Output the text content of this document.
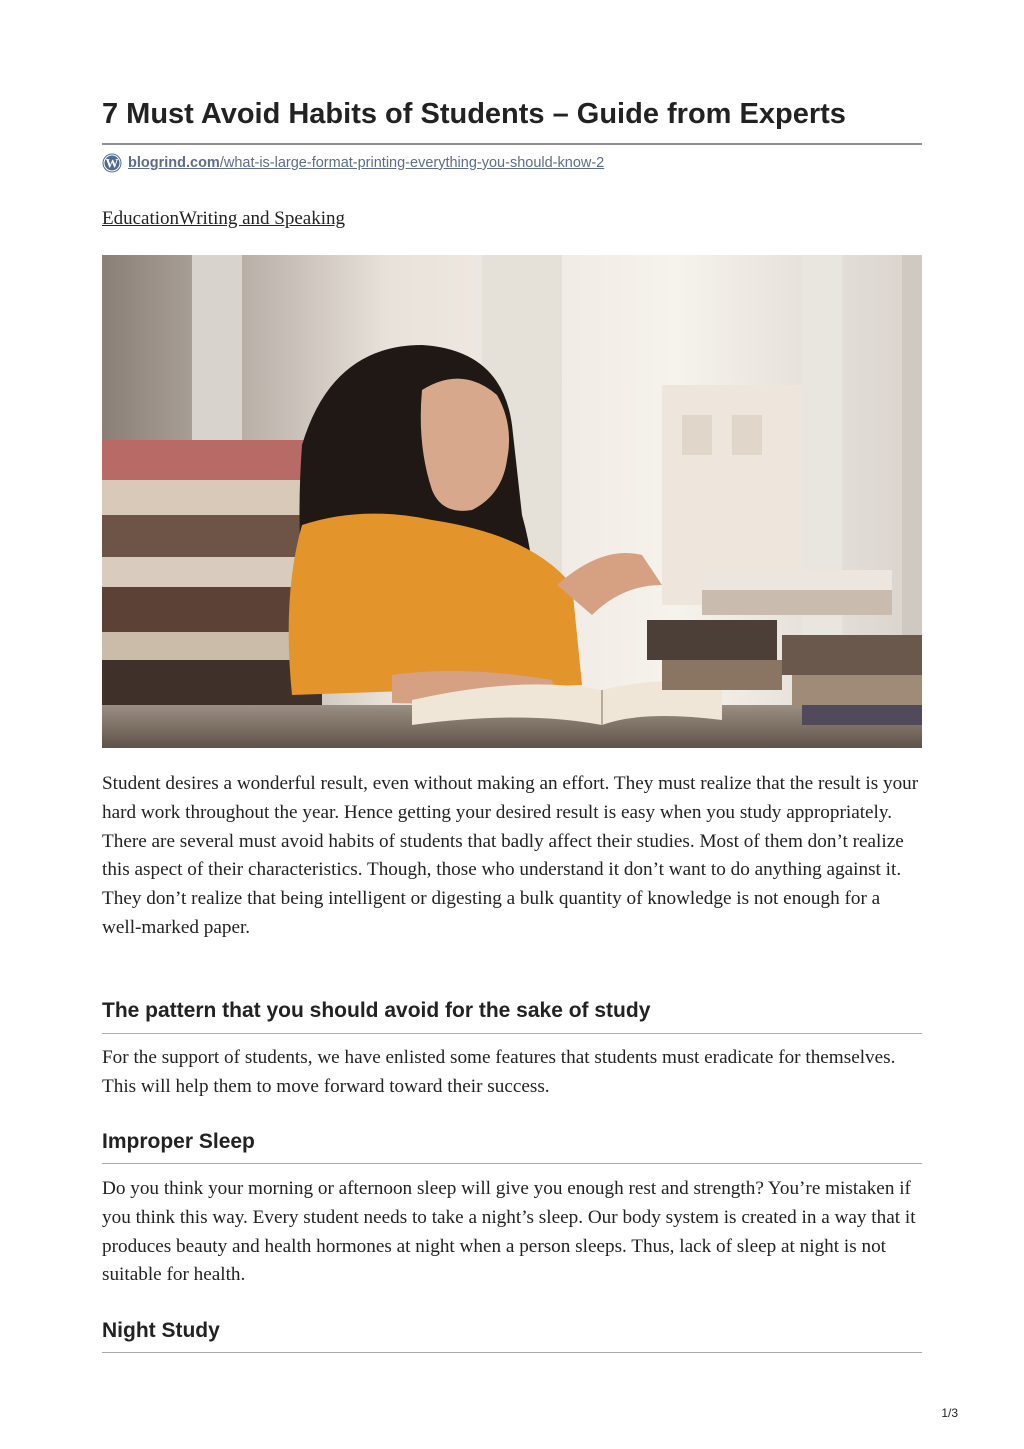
7 Must Avoid Habits of Students – Guide from Experts
W blogrind.com/what-is-large-format-printing-everything-you-should-know-2
EducationWriting and Speaking

Student desires a wonderful result, even without making an effort. They must realize that the result is your hard work throughout the year. Hence getting your desired result is easy when you study appropriately. There are several must avoid habits of students that badly affect their studies. Most of them don’t realize this aspect of their characteristics. Though, those who understand it don’t want to do anything against it. They don’t realize that being intelligent or digesting a bulk quantity of knowledge is not enough for a well-marked paper.

The pattern that you should avoid for the sake of study

For the support of students, we have enlisted some features that students must eradicate for themselves. This will help them to move forward toward their success.

Improper Sleep

Do you think your morning or afternoon sleep will give you enough rest and strength? You’re mistaken if you think this way. Every student needs to take a night’s sleep. Our body system is created in a way that it produces beauty and health hormones at night when a person sleeps. Thus, lack of sleep at night is not suitable for health.

Night Study
1/3
